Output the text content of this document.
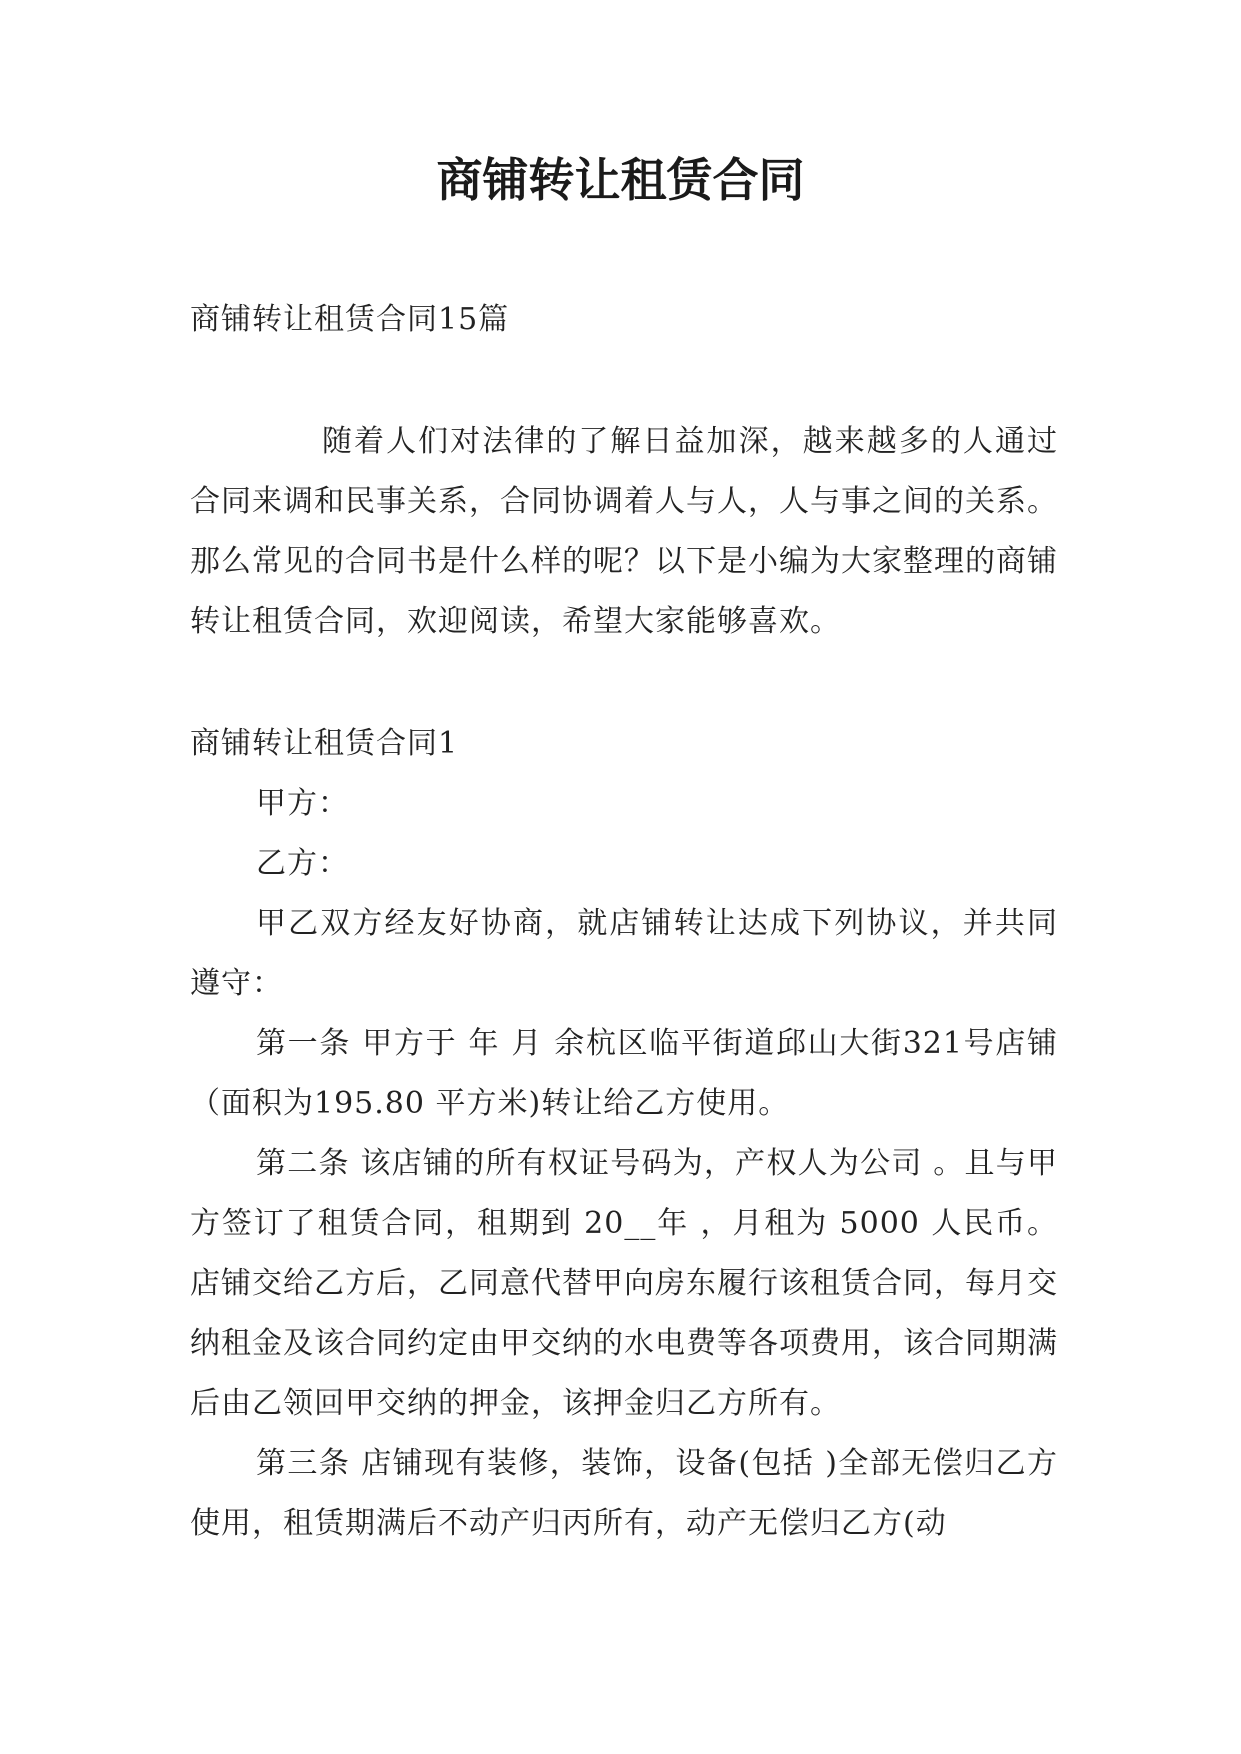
商铺转让租赁合同

商铺转让租赁合同15篇

随着人们对法律的了解日益加深，越来越多的人通过合同来调和民事关系，合同协调着人与人，人与事之间的关系。那么常见的合同书是什么样的呢？以下是小编为大家整理的商铺转让租赁合同，欢迎阅读，希望大家能够喜欢。

商铺转让租赁合同1

甲方：

乙方：

甲乙双方经友好协商，就店铺转让达成下列协议，并共同遵守：

第一条 甲方于 年 月 余杭区临平街道邱山大街321号店铺（面积为195.80 平方米)转让给乙方使用。

第二条 该店铺的所有权证号码为，产权人为公司 。且与甲方签订了租赁合同，租期到 20__年 ，月租为 5000 人民币。店铺交给乙方后，乙同意代替甲向房东履行该租赁合同，每月交纳租金及该合同约定由甲交纳的水电费等各项费用，该合同期满后由乙领回甲交纳的押金，该押金归乙方所有。

第三条 店铺现有装修，装饰，设备(包括 )全部无偿归乙方使用，租赁期满后不动产归丙所有，动产无偿归乙方(动
